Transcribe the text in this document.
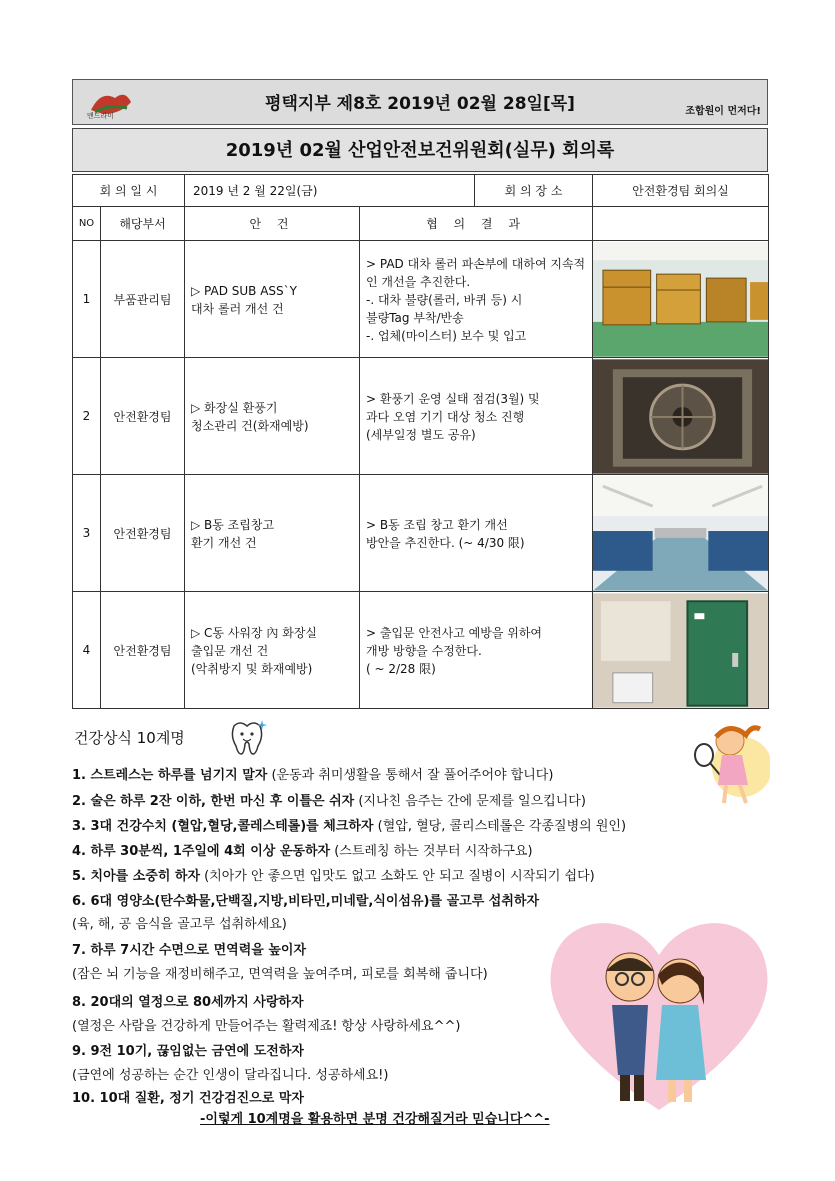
맨드라미
평택지부 제8호 2019년 02월 28일[목]	조합원이 먼저다!
2019년 02월 산업안전보건위원회(실무) 회의록
회 의 일 시		2019 년 2 월 22일(금)		회 의 장 소	안전환경팀 회의실
NO	해당부서	안 건	협 의 결 과		
1	부품관리팀	▷ PAD SUB ASS`Y
대차 롤러 개선 건	> PAD 대차 롤러 파손부에 대하여 지속적인 개선을 추진한다.
-. 대차 불량(롤러, 바퀴 등) 시
불량Tag 부착/반송
-. 업체(마이스터) 보수 및 입고

2	안전환경팀	▷ 화장실 환풍기
청소관리 건(화재예방)	> 환풍기 운영 실태 점검(3월) 및
과다 오염 기기 대상 청소 진행
(세부일정 별도 공유)

3	안전환경팀	▷ B동 조립창고
환기 개선 건	> B동 조립 창고 환기 개선
방안을 추진한다. (~ 4/30 限)

4	안전환경팀	▷ C동 사워장 內 화장실
출입문 개선 건
(악취방지 및 화재예방)	> 출입문 안전사고 예방을 위하여
개방 방향을 수정한다.
( ~ 2/28 限)

건강상식 10계명
1. 스트레스는 하루를 넘기지 말자 (운동과 취미생활을 통해서 잘 풀어주어야 합니다)
2. 술은 하루 2잔 이하, 한번 마신 후 이틀은 쉬자 (지나친 음주는 간에 문제를 일으킵니다)
3. 3대 건강수치 (혈압,혈당,콜레스테롤)를 체크하자 (혈압, 혈당, 콜리스테롤은 각종질병의 원인)
4. 하루 30분씩, 1주일에 4회 이상 운동하자 (스트레칭 하는 것부터 시작하구요)
5. 치아를 소중히 하자 (치아가 안 좋으면 입맛도 없고 소화도 안 되고 질병이 시작되기 쉽다)
6. 6대 영양소(탄수화물,단백질,지방,비타민,미네랄,식이섬유)를 골고루 섭취하자
(육, 해, 공 음식을 골고루 섭취하세요)
7. 하루 7시간 수면으로 면역력을 높이자
(잠은 뇌 기능을 재정비해주고, 면역력을 높여주며, 피로를 회복해 줍니다)
8. 20대의 열정으로 80세까지 사랑하자
(열정은 사람을 건강하게 만들어주는 활력제죠! 항상 사랑하세요^^)
9. 9전 10기, 끊임없는 금연에 도전하자
(금연에 성공하는 순간 인생이 달라집니다. 성공하세요!)
10. 10대 질환, 정기 건강검진으로 막자
-이렇게 10계명을 활용하면 분명 건강해질거라 믿습니다^^-
